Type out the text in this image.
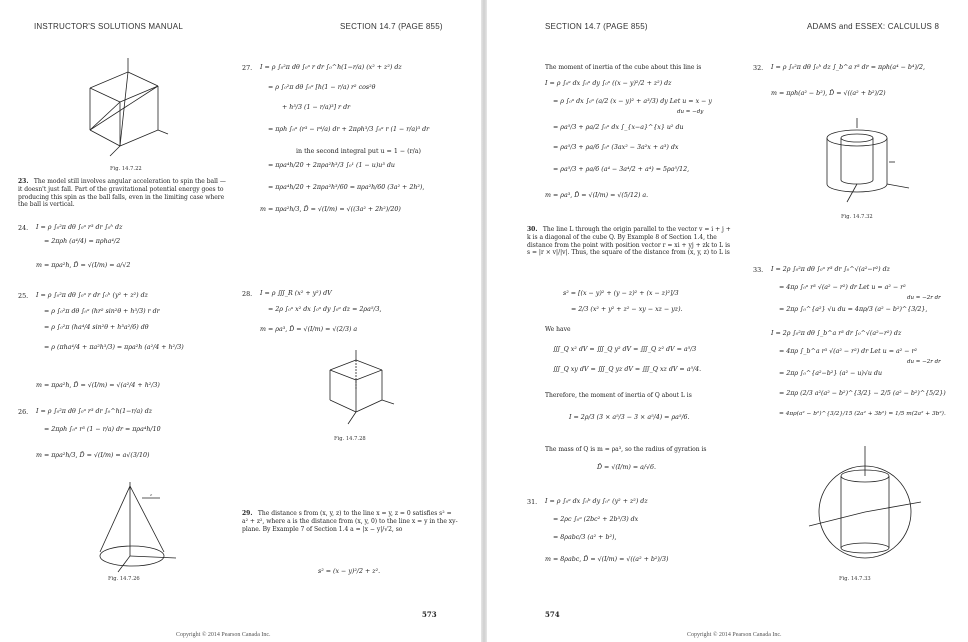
INSTRUCTOR'S SOLUTIONS MANUAL	SECTION 14.7 (PAGE 855)
Fig. 14.7.22
23. The model still involves angular acceleration to spin the ball — it doesn't just fall. Part of the gravitational potential energy goes to producing this spin as the ball falls, even in the limiting case where the ball is vertical.
24. I = ρ ∫₀²π dθ ∫₀ᵃ r³ dr ∫₀ʰ dz
= 2πρh (a⁴/4) = πρha⁴/2
m = πρa²h, D̄ = √(I/m) = a/√2
25. I = ρ ∫₀²π dθ ∫₀ᵃ r dr ∫₀ʰ (y² + z²) dz
= ρ ∫₀²π dθ ∫₀ᵃ (hr² sin²θ + h³/3) r dr
= ρ ∫₀²π (ha⁴/4 sin²θ + h³a²/6) dθ
= ρ (πha⁴/4 + πa²h³/3) = πρa²h (a²/4 + h²/3)
m = πρa²h, D̄ = √(I/m) = √(a²/4 + h²/3)
26. I = ρ ∫₀²π dθ ∫₀ᵃ r³ dr ∫₀^h(1−r/a) dz
= 2πρh ∫₀ᵃ r³ (1 − r/a) dr = πρa⁴h/10
m = πρa²h/3, D̄ = √(I/m) = a√(3/10)
z
Fig. 14.7.26
27. I = ρ ∫₀²π dθ ∫₀ᵃ r dr ∫₀^h(1−r/a) (x² + z²) dz
= ρ ∫₀²π dθ ∫₀ᵃ [h(1 − r/a) r² cos²θ
+ h³/3 (1 − r/a)³] r dr
= πρh ∫₀ᵃ (r³ − r⁴/a) dr + 2πρh³/3 ∫₀ᵃ r (1 − r/a)³ dr
in the second integral put u = 1 − (r/a)
= πρa⁴h/20 + 2πρa²h³/3 ∫₀¹ (1 − u)u³ du
= πρa⁴h/20 + 2πρa²h³/60 = πρa²h/60 (3a² + 2h²),
m = πρa²h/3, D̄ = √(I/m) = √((3a² + 2h²)/20)
28. I = ρ ∭_R (x² + y²) dV
= 2ρ ∫₀ᵃ x² dx ∫₀ᵃ dy ∫₀ᵃ dz = 2ρa⁵/3,
m = ρa³, D̄ = √(I/m) = √(2/3) a
Fig. 14.7.28
29. The distance s from (x, y, z) to the line x = y, z = 0 satisfies s² = a² + z², where a is the distance from (x, y, 0) to the line x = y in the xy-plane. By Example 7 of Section 1.4 a = |x − y|/√2, so
s² = (x − y)²/2 + z².
573
Copyright © 2014 Pearson Canada Inc.
SECTION 14.7 (PAGE 855)	ADAMS and ESSEX: CALCULUS 8
The moment of inertia of the cube about this line is
I = ρ ∫₀ᵃ dx ∫₀ᵃ dy ∫₀ᵃ ((x − y)²/2 + z²) dz
= ρ ∫₀ᵃ dx ∫₀ᵃ (a/2 (x − y)² + a³/3) dy Let u = x − y
du = −dy
= ρa⁵/3 + ρa/2 ∫₀ᵃ dx ∫_{x−a}^{x} u² du
= ρa⁵/3 + ρa/6 ∫₀ᵃ (3ax² − 3a²x + a³) dx
= ρa⁵/3 + ρa/6 (a⁴ − 3a⁴/2 + a⁴) = 5ρa⁵/12,
m = ρa³, D̄ = √(I/m) = √(5/12) a.
30. The line L through the origin parallel to the vector v = i + j + k is a diagonal of the cube Q. By Example 8 of Section 1.4, the distance from the point with position vector r = xi + yj + zk to L is s = |r × v|/|v|. Thus, the square of the distance from (x, y, z) to L is
s² = [(x − y)² + (y − z)² + (x − z)²]/3
= 2/3 (x² + y² + z² − xy − xz − yz).
We have
∭_Q x² dV = ∭_Q y² dV = ∭_Q z² dV = a⁵/3
∭_Q xy dV = ∭_Q yz dV = ∭_Q xz dV = a⁵/4.
Therefore, the moment of inertia of Q about L is
I = 2ρ/3 (3 × a⁵/3 − 3 × a⁵/4) = ρa⁵/6.
The mass of Q is m = ρa³, so the radius of gyration is
D̄ = √(I/m) = a/√6.
31. I = ρ ∫₀ᵃ dx ∫₀ᵇ dy ∫₀ᶜ (y² + z²) dz
= 2ρc ∫₀ᵃ (2bc² + 2b³/3) dx
= 8ρabc/3 (a² + b²),
m = 8ρabc, D̄ = √(I/m) = √((a² + b²)/3)
32. I = ρ ∫₀²π dθ ∫₀ʰ dz ∫_b^a r³ dr = πρh(a⁴ − b⁴)/2,
m = πρh(a² − b²), D̄ = √((a² + b²)/2)
Fig. 14.7.32
33. I = 2ρ ∫₀²π dθ ∫₀ᵃ r³ dr ∫₀^√(a²−r²) dz
= 4πρ ∫₀ᵃ r³ √(a² − r²) dr Let u = a² − r²
du = −2r dr
= 2πρ ∫₀^{a²} √u du = 4πρ/3 (a² − b²)^{3/2},
I = 2ρ ∫₀²π dθ ∫_b^a r³ dr ∫₀^√(a²−r²) dz
= 4πρ ∫_b^a r³ √(a² − r²) dr Let u = a² − r²
du = −2r dr
= 2πρ ∫₀^{a²−b²} (a² − u)√u du
= 2πρ (2/3 a²(a² − b²)^{3/2} − 2/5 (a² − b²)^{5/2})
= 4πρ(a² − b²)^{3/2}/15 (2a² + 3b²) = 1/5 m(2a² + 3b²).
Fig. 14.7.33
574
Copyright © 2014 Pearson Canada Inc.
